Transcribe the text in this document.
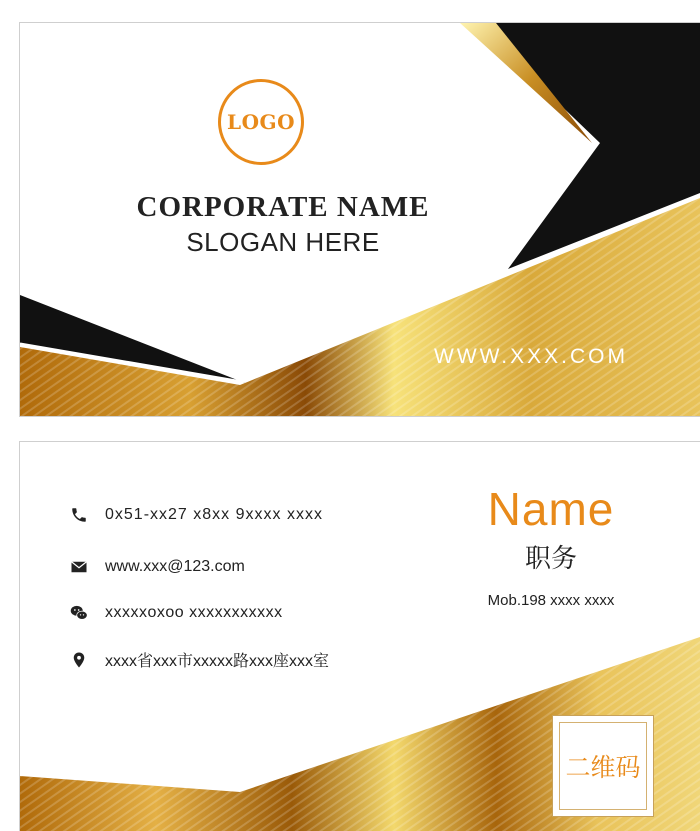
LOGO
CORPORATE NAME
SLOGAN HERE
WWW.XXX.COM
0x51-xx27 x8xx 9xxxx xxxx
www.xxx@123.com
xxxxxoxoo xxxxxxxxxxx
xxxx省xxx市xxxxx路xxx座xxx室
Name
职务
Mob.198 xxxx xxxx
二维码
